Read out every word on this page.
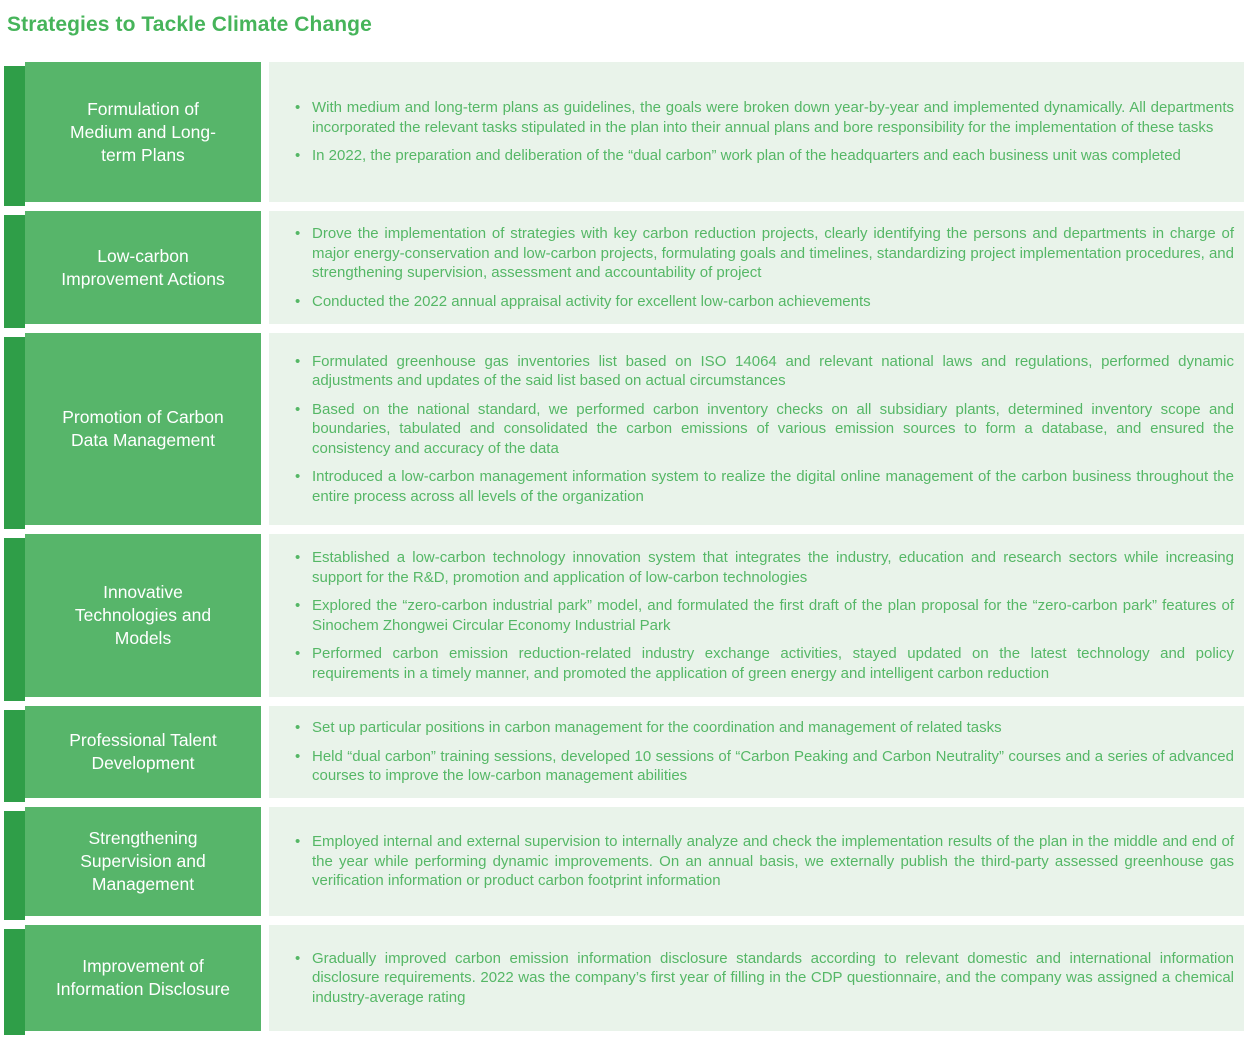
Strategies to Tackle Climate Change
Formulation of Medium and Long-term Plans
• With medium and long-term plans as guidelines, the goals were broken down year-by-year and implemented dynamically. All departments incorporated the relevant tasks stipulated in the plan into their annual plans and bore responsibility for the implementation of these tasks

• In 2022, the preparation and deliberation of the “dual carbon” work plan of the headquarters and each business unit was completed

Low-carbon Improvement Actions
• Drove the implementation of strategies with key carbon reduction projects, clearly identifying the persons and departments in charge of major energy-conservation and low-carbon projects, formulating goals and timelines, standardizing project implementation procedures, and strengthening supervision, assessment and accountability of project

• Conducted the 2022 annual appraisal activity for excellent low-carbon achievements

Promotion of Carbon Data Management
• Formulated greenhouse gas inventories list based on ISO 14064 and relevant national laws and regulations, performed dynamic adjustments and updates of the said list based on actual circumstances

• Based on the national standard, we performed carbon inventory checks on all subsidiary plants, determined inventory scope and boundaries, tabulated and consolidated the carbon emissions of various emission sources to form a database, and ensured the consistency and accuracy of the data

• Introduced a low-carbon management information system to realize the digital online management of the carbon business throughout the entire process across all levels of the organization

Innovative Technologies and Models
• Established a low-carbon technology innovation system that integrates the industry, education and research sectors while increasing support for the R&D, promotion and application of low-carbon technologies

• Explored the “zero-carbon industrial park” model, and formulated the first draft of the plan proposal for the “zero-carbon park” features of Sinochem Zhongwei Circular Economy Industrial Park

• Performed carbon emission reduction-related industry exchange activities, stayed updated on the latest technology and policy requirements in a timely manner, and promoted the application of green energy and intelligent carbon reduction

Professional Talent Development
• Set up particular positions in carbon management for the coordination and management of related tasks

• Held “dual carbon” training sessions, developed 10 sessions of “Carbon Peaking and Carbon Neutrality” courses and a series of advanced courses to improve the low-carbon management abilities

Strengthening Supervision and Management
• Employed internal and external supervision to internally analyze and check the implementation results of the plan in the middle and end of the year while performing dynamic improvements. On an annual basis, we externally publish the third-party assessed greenhouse gas verification information or product carbon footprint information

Improvement of Information Disclosure
• Gradually improved carbon emission information disclosure standards according to relevant domestic and international information disclosure requirements. 2022 was the company’s first year of filling in the CDP questionnaire, and the company was assigned a chemical industry-average rating
